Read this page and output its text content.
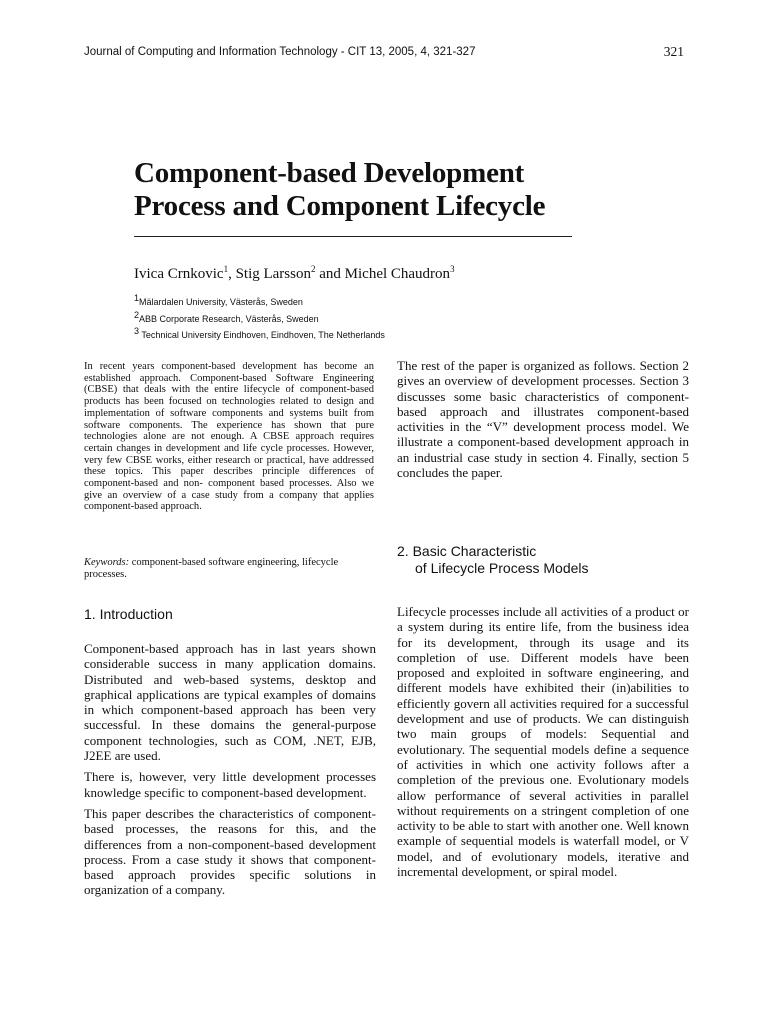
Journal of Computing and Information Technology - CIT 13, 2005, 4, 321-327	321
Component-based Development
Process and Component Lifecycle
Ivica Crnkovic$^1$, Stig Larsson$^2$ and Michel Chaudron$^3$
$^1$Mälardalen University, Västerås, Sweden
$^2$ABB Corporate Research, Västerås, Sweden
$^3$ Technical University Eindhoven, Eindhoven, The Netherlands
In recent years component-based development has become an established approach. Component-based Software Engineering (CBSE) that deals with the entire lifecycle of component-based products has been focused on technologies related to design and implementation of software components and systems built from software components. The experience has shown that pure technologies alone are not enough. A CBSE approach requires certain changes in development and life cycle processes. However, very few CBSE works, either research or practical, have addressed these topics. This paper describes principle differences of component-based and non- component based processes. Also we give an overview of a case study from a company that applies component-based approach.
Keywords: component-based software engineering, lifecycle processes.
1. Introduction

Component-based approach has in last years shown considerable success in many application domains. Distributed and web-based systems, desktop and graphical applications are typical examples of domains in which component-based approach has been very successful. In these domains the general-purpose component technologies, such as COM, .NET, EJB, J2EE are used.

There is, however, very little development processes knowledge specific to component-based development.

This paper describes the characteristics of component-based processes, the reasons for this, and the differences from a non-component-based development process. From a case study it shows that component-based approach provides specific solutions in organization of a company.

The rest of the paper is organized as follows. Section 2 gives an overview of development processes. Section 3 discusses some basic characteristics of component-based approach and illustrates component-based activities in the “V” development process model. We illustrate a component-based development approach in an industrial case study in section 4. Finally, section 5 concludes the paper.

2. Basic Characteristic
of Lifecycle Process Models

Lifecycle processes include all activities of a product or a system during its entire life, from the business idea for its development, through its usage and its completion of use. Different models have been proposed and exploited in software engineering, and different models have exhibited their (in)abilities to efficiently govern all activities required for a successful development and use of products. We can distinguish two main groups of models: Sequential and evolutionary. The sequential models define a sequence of activities in which one activity follows after a completion of the previous one. Evolutionary models allow performance of several activities in parallel without requirements on a stringent completion of one activity to be able to start with another one. Well known example of sequential models is waterfall model, or V model, and of evolutionary models, iterative and incremental development, or spiral model.
